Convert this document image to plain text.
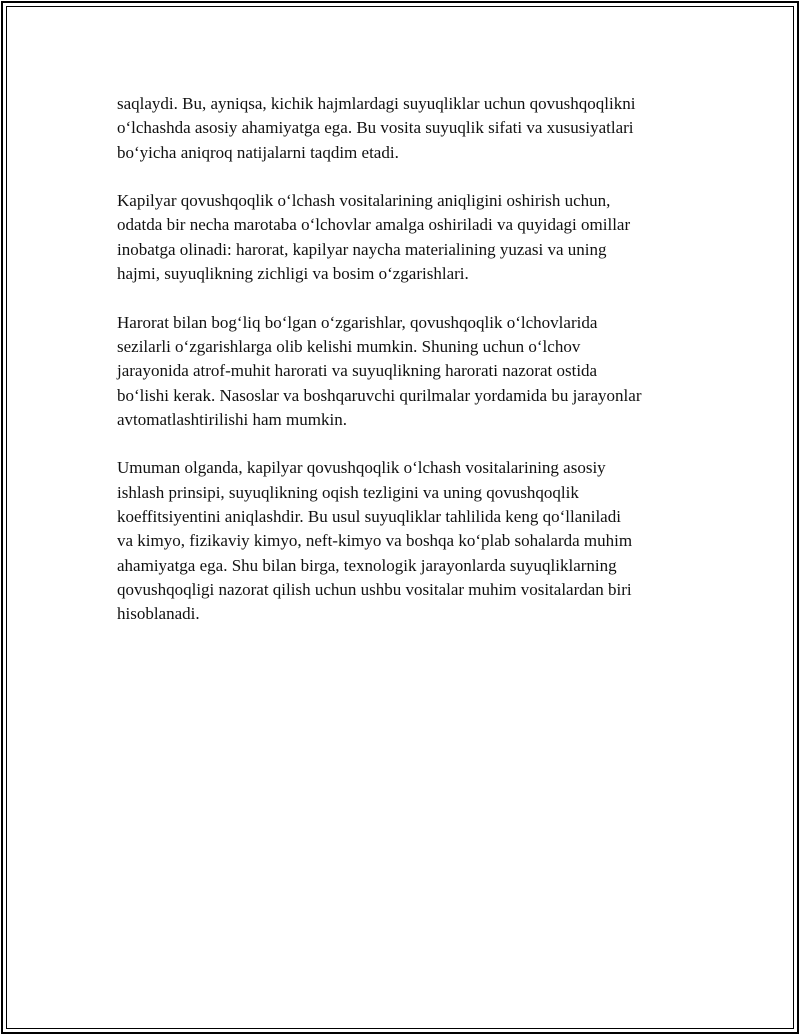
saqlaydi. Bu, ayniqsa, kichik hajmlardagi suyuqliklar uchun qovushqoqlikni
o‘lchashda asosiy ahamiyatga ega. Bu vosita suyuqlik sifati va xususiyatlari
bo‘yicha aniqroq natijalarni taqdim etadi.

Kapilyar qovushqoqlik o‘lchash vositalarining aniqligini oshirish uchun,
odatda bir necha marotaba o‘lchovlar amalga oshiriladi va quyidagi omillar
inobatga olinadi: harorat, kapilyar naycha materialining yuzasi va uning
hajmi, suyuqlikning zichligi va bosim o‘zgarishlari.

Harorat bilan bog‘liq bo‘lgan o‘zgarishlar, qovushqoqlik o‘lchovlarida
sezilarli o‘zgarishlarga olib kelishi mumkin. Shuning uchun o‘lchov
jarayonida atrof-muhit harorati va suyuqlikning harorati nazorat ostida
bo‘lishi kerak. Nasoslar va boshqaruvchi qurilmalar yordamida bu jarayonlar
avtomatlashtirilishi ham mumkin.

Umuman olganda, kapilyar qovushqoqlik o‘lchash vositalarining asosiy
ishlash prinsipi, suyuqlikning oqish tezligini va uning qovushqoqlik
koeffitsiyentini aniqlashdir. Bu usul suyuqliklar tahlilida keng qo‘llaniladi
va kimyo, fizikaviy kimyo, neft-kimyo va boshqa ko‘plab sohalarda muhim
ahamiyatga ega. Shu bilan birga, texnologik jarayonlarda suyuqliklarning
qovushqoqligi nazorat qilish uchun ushbu vositalar muhim vositalardan biri
hisoblanadi.
